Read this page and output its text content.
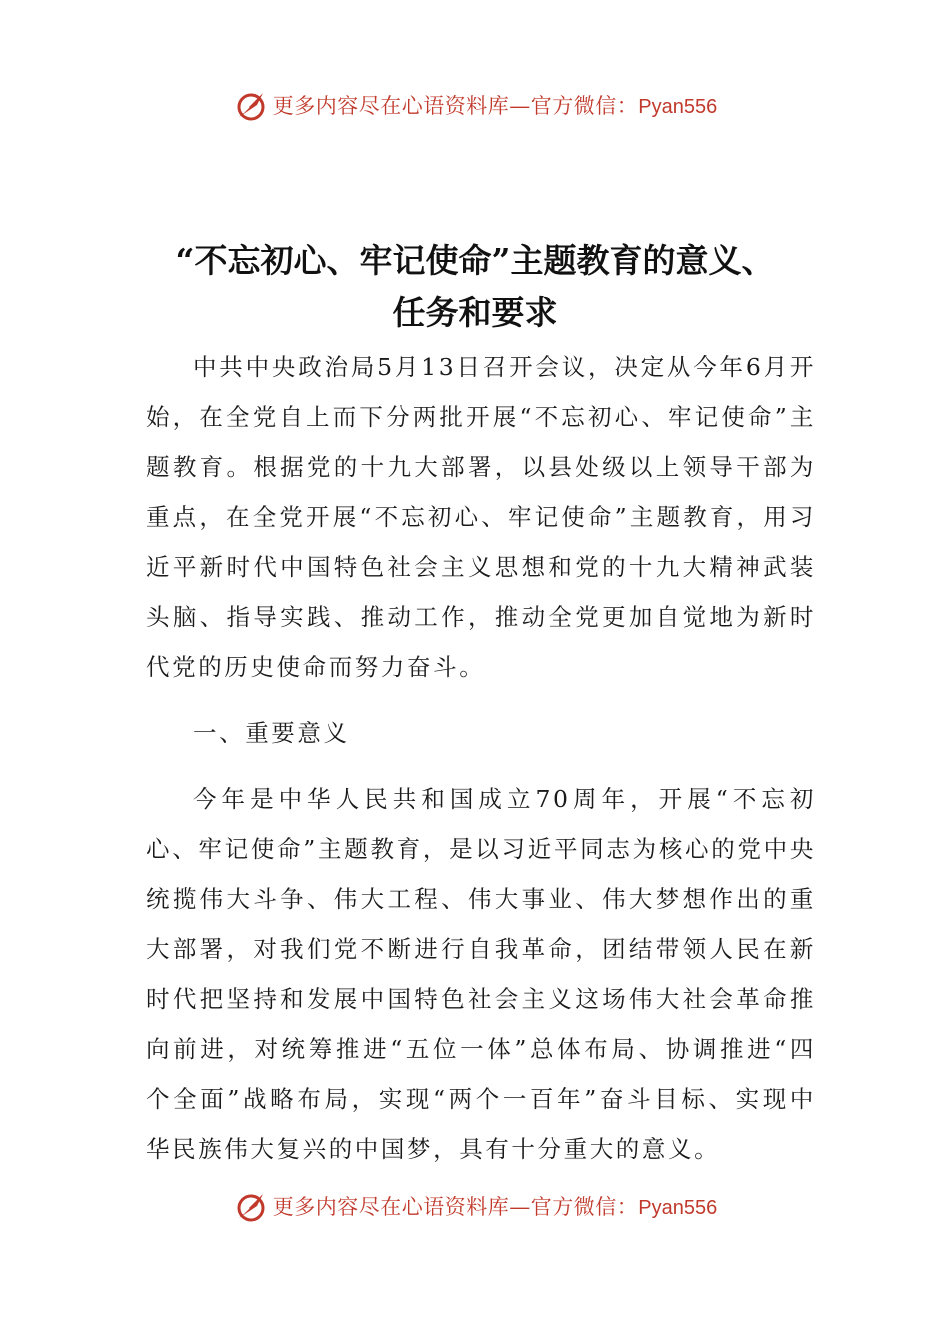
更多内容尽在心语资料库—官方微信：Pyan556
“不忘初心、牢记使命”主题教育的意义、
任务和要求

中共中央政治局5月13日召开会议，决定从今年6月开始，在全党自上而下分两批开展“不忘初心、牢记使命”主题教育。根据党的十九大部署，以县处级以上领导干部为重点，在全党开展“不忘初心、牢记使命”主题教育，用习近平新时代中国特色社会主义思想和党的十九大精神武装头脑、指导实践、推动工作，推动全党更加自觉地为新时代党的历史使命而努力奋斗。

一、重要意义

今年是中华人民共和国成立70周年，开展“不忘初心、牢记使命”主题教育，是以习近平同志为核心的党中央统揽伟大斗争、伟大工程、伟大事业、伟大梦想作出的重大部署，对我们党不断进行自我革命，团结带领人民在新时代把坚持和发展中国特色社会主义这场伟大社会革命推向前进，对统筹推进“五位一体”总体布局、协调推进“四个全面”战略布局，实现“两个一百年”奋斗目标、实现中华民族伟大复兴的中国梦，具有十分重大的意义。

更多内容尽在心语资料库—官方微信：Pyan556
